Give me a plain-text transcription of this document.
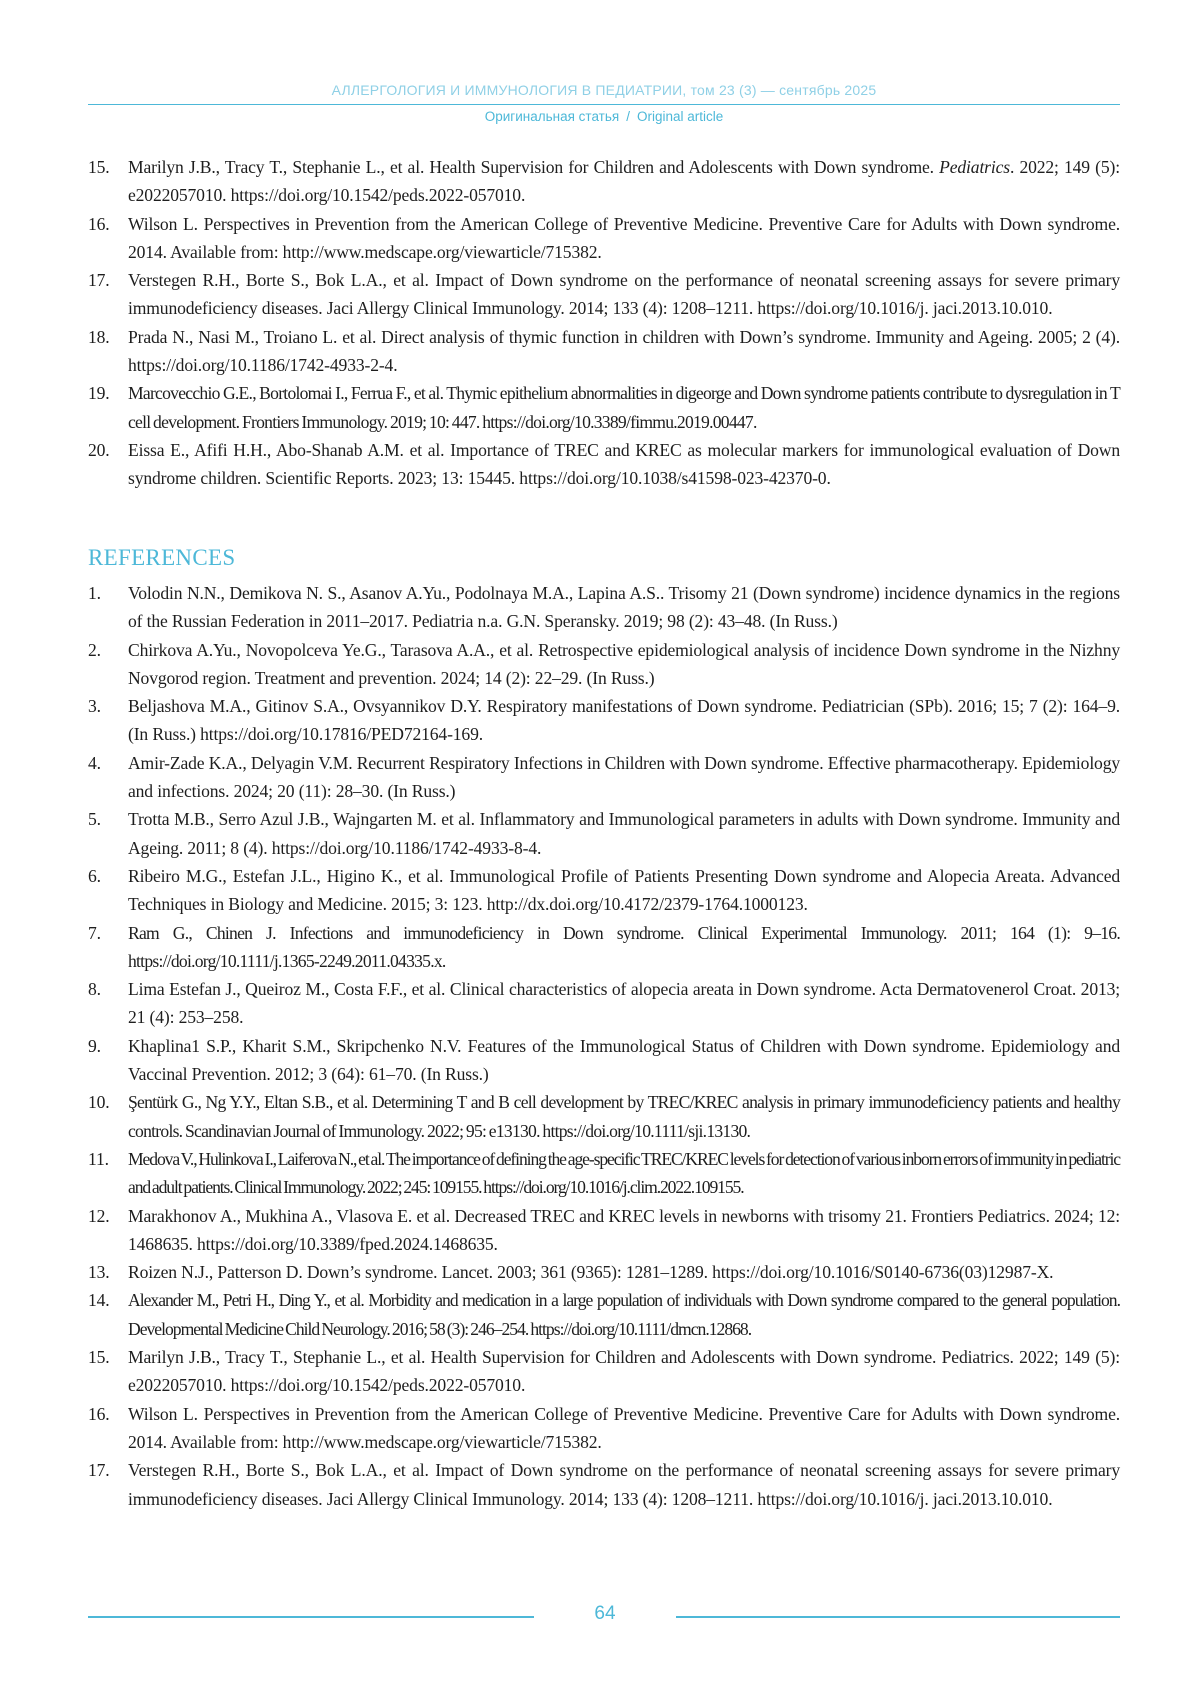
АЛЛЕРГОЛОГИЯ И ИММУНОЛОГИЯ В ПЕДИАТРИИ, том 23 (3) — сентябрь 2025
Оригинальная статья / Original article
15. Marilyn J.B., Tracy T., Stephanie L., et al. Health Supervision for Children and Adolescents with Down syndrome. Pediatrics. 2022; 149 (5): e2022057010. https://doi.org/10.1542/peds.2022-057010.
16. Wilson L. Perspectives in Prevention from the American College of Preventive Medicine. Preventive Care for Adults with Down syndrome. 2014. Available from: http://www.medscape.org/viewarticle/715382.
17. Verstegen R.H., Borte S., Bok L.A., et al. Impact of Down syndrome on the performance of neonatal screening assays for severe primary immunodeficiency diseases. Jaci Allergy Clinical Immunology. 2014; 133 (4): 1208–1211. https://doi.org/10.1016/j. jaci.2013.10.010.
18. Prada N., Nasi M., Troiano L. et al. Direct analysis of thymic function in children with Down’s syndrome. Immunity and Ageing. 2005; 2 (4). https://doi.org/10.1186/1742-4933-2-4.
19. Marcovecchio G.E., Bortolomai I., Ferrua F., et al. Thymic epithelium abnormalities in digeorge and Down syndrome patients contribute to dysregulation in T cell development. Frontiers Immunology. 2019; 10: 447. https://doi.org/10.3389/fimmu.2019.00447.
20. Eissa E., Afifi H.H., Abo-Shanab A.M. et al. Importance of TREC and KREC as molecular markers for immunological evaluation of Down syndrome children. Scientific Reports. 2023; 13: 15445. https://doi.org/10.1038/s41598-023-42370-0.
REFERENCES
1. Volodin N.N., Demikova N. S., Asanov A.Yu., Podolnaya M.A., Lapina A.S.. Trisomy 21 (Down syndrome) incidence dynamics in the regions of the Russian Federation in 2011–2017. Pediatria n.a. G.N. Speransky. 2019; 98 (2): 43–48. (In Russ.)
2. Chirkova A.Yu., Novopolceva Ye.G., Tarasova A.A., et al. Retrospective epidemiological analysis of incidence Down syndrome in the Nizhny Novgorod region. Treatment and prevention. 2024; 14 (2): 22–29. (In Russ.)
3. Beljashova M.A., Gitinov S.A., Ovsyannikov D.Y. Respiratory manifestations of Down syndrome. Pediatrician (SPb). 2016; 15; 7 (2): 164–9. (In Russ.) https://doi.org/10.17816/PED72164-169.
4. Amir-Zade K.A., Delyagin V.M. Recurrent Respiratory Infections in Children with Down syndrome. Effective pharmacotherapy. Epidemiology and infections. 2024; 20 (11): 28–30. (In Russ.)
5. Trotta M.B., Serro Azul J.B., Wajngarten M. et al. Inflammatory and Immunological parameters in adults with Down syndrome. Immunity and Ageing. 2011; 8 (4). https://doi.org/10.1186/1742-4933-8-4.
6. Ribeiro M.G., Estefan J.L., Higino K., et al. Immunological Profile of Patients Presenting Down syndrome and Alopecia Areata. Advanced Techniques in Biology and Medicine. 2015; 3: 123. http://dx.doi.org/10.4172/2379-1764.1000123.
7. Ram G., Chinen J. Infections and immunodeficiency in Down syndrome. Clinical Experimental Immunology. 2011; 164 (1): 9–16. https://doi.org/10.1111/j.1365-2249.2011.04335.x.
8. Lima Estefan J., Queiroz M., Costa F.F., et al. Clinical characteristics of alopecia areata in Down syndrome. Acta Dermatovenerol Croat. 2013; 21 (4): 253–258.
9. Khaplina1 S.P., Kharit S.M., Skripchenko N.V. Features of the Immunological Status of Children with Down syndrome. Epidemiology and Vaccinal Prevention. 2012; 3 (64): 61–70. (In Russ.)
10. Şentürk G., Ng Y.Y., Eltan S.B., et al. Determining T and B cell development by TREC/KREC analysis in primary immunodeficiency patients and healthy controls. Scandinavian Journal of Immunology. 2022; 95: e13130. https://doi.org/10.1111/sji.13130.
11. Medova V., Hulinkova I., Laiferova N., et al. The importance of defining the age-specific TREC/KREC levels for detection of various inborn errors of immunity in pediatric and adult patients. Clinical Immunology. 2022; 245: 109155. https://doi.org/10.1016/j.clim.2022.109155.
12. Marakhonov A., Mukhina A., Vlasova E. et al. Decreased TREC and KREC levels in newborns with trisomy 21. Frontiers Pediatrics. 2024; 12: 1468635. https://doi.org/10.3389/fped.2024.1468635.
13. Roizen N.J., Patterson D. Down’s syndrome. Lancet. 2003; 361 (9365): 1281–1289. https://doi.org/10.1016/S0140-6736(03)12987-X.
14. Alexander M., Petri H., Ding Y., et al. Morbidity and medication in a large population of individuals with Down syndrome compared to the general population. Developmental Medicine Child Neurology. 2016; 58 (3): 246–254. https://doi.org/10.1111/dmcn.12868.
15. Marilyn J.B., Tracy T., Stephanie L., et al. Health Supervision for Children and Adolescents with Down syndrome. Pediatrics. 2022; 149 (5): e2022057010. https://doi.org/10.1542/peds.2022-057010.
16. Wilson L. Perspectives in Prevention from the American College of Preventive Medicine. Preventive Care for Adults with Down syndrome. 2014. Available from: http://www.medscape.org/viewarticle/715382.
17. Verstegen R.H., Borte S., Bok L.A., et al. Impact of Down syndrome on the performance of neonatal screening assays for severe primary immunodeficiency diseases. Jaci Allergy Clinical Immunology. 2014; 133 (4): 1208–1211. https://doi.org/10.1016/j. jaci.2013.10.010.
64
